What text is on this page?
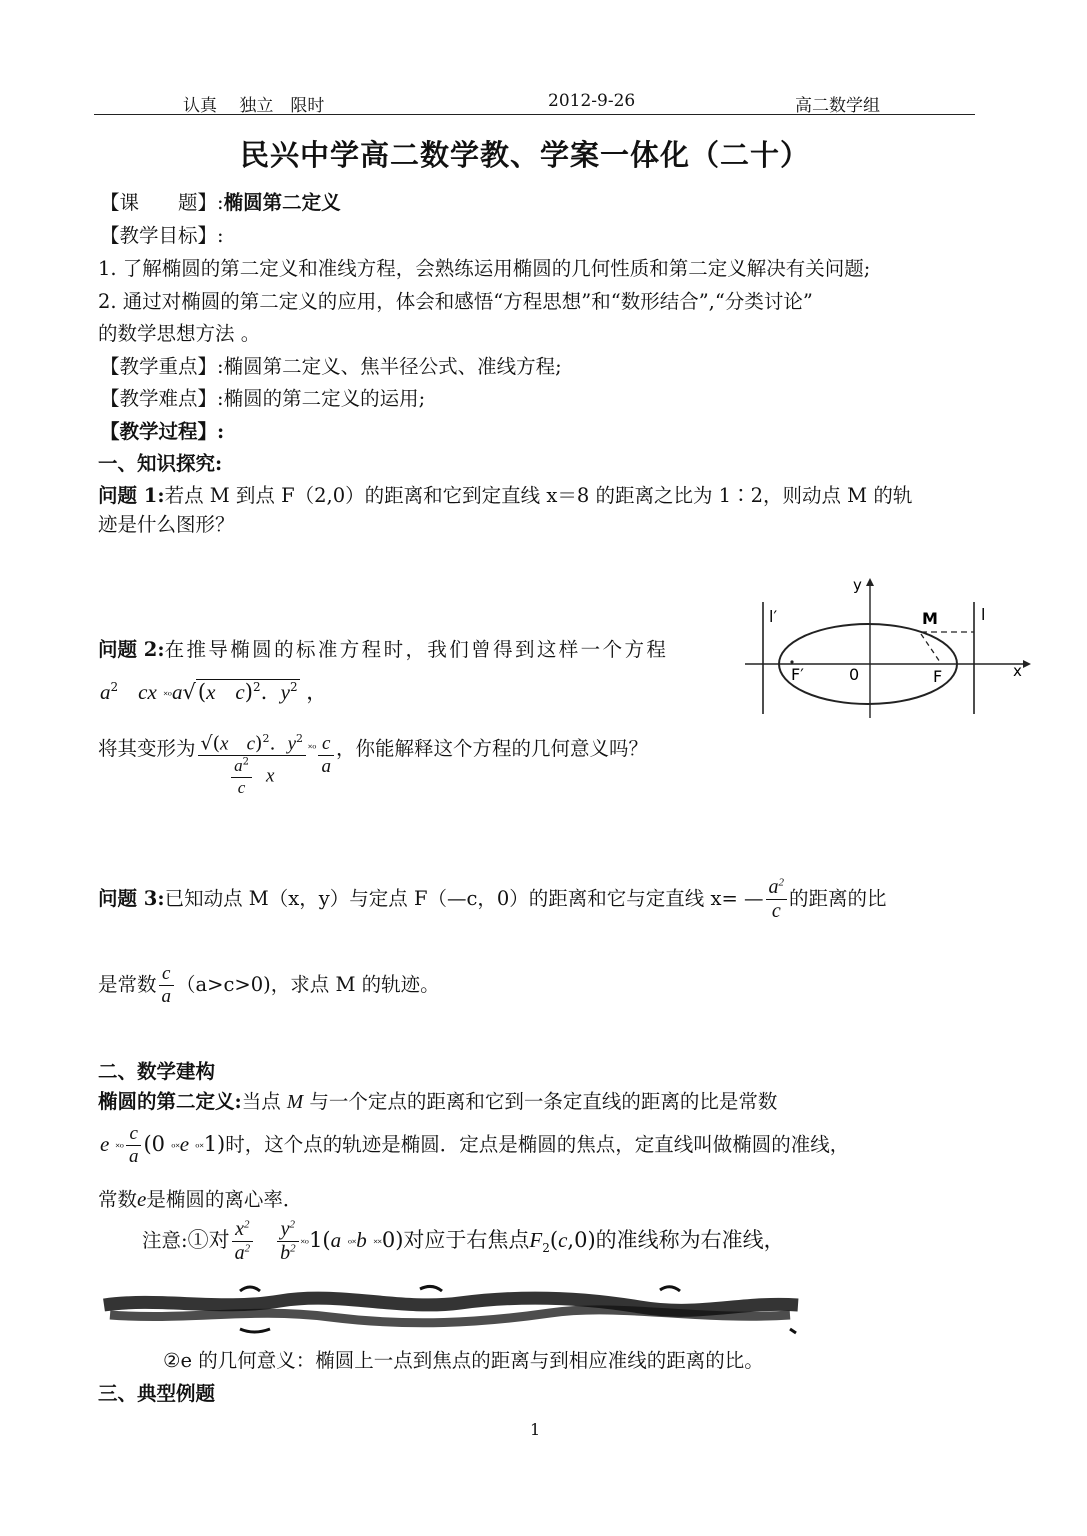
认真　 独立　限时	2012-9-26	高二数学组
民兴中学高二数学教、学案一体化（二十）
【课　　题】:椭圆第二定义
【教学目标】:
1. 了解椭圆的第二定义和准线方程，会熟练运用椭圆的几何性质和第二定义解决有关问题;
2. 通过对椭圆的第二定义的应用，体会和感悟“方程思想”和“数形结合”,“分类讨论”
的数学思想方法 。
【教学重点】:椭圆第二定义、焦半径公式、准线方程;
【教学难点】:椭圆的第二定义的运用;
【教学过程】:
一、知识探究:
问题 1:若点 M 到点 F（2,0）的距离和它到定直线 x＝8 的距离之比为 1∶2，则动点 M 的轨
迹是什么图形？
y
x
0
l′	l
F′	F
M
问题 2:在推导椭圆的标准方程时，我们曾得到这样一个方程
$a^2$ cx ˟ᵒa√(x c)$^2$.  $y^2$ ，
将其变形为 $\frac{√(x c)^2. y^2}{\frac{a^2}{c} x} ^{˟ᵒ} \frac{c}{a}$ ，你能解释这个方程的几何意义吗？
问题 3:已知动点 M（x，y）与定点 F（—c，0）的距离和它与定直线 x= — $\frac{a^2}{c}$ 的距离的比
是常数 $\frac{c}{a} (a>c>0)$，求点 M 的轨迹。
二、数学建构
椭圆的第二定义:当点 M 与一个定点的距离和它到一条定直线的距离的比是常数
e ˟ᵒ $\frac{c}{a} (0$ ᵒ˟e ᵒ˟1)时，这个点的轨迹是椭圆．定点是椭圆的焦点，定直线叫做椭圆的准线，
常数e是椭圆的离心率．
注意:①对 $\frac{x^2}{a^2}$
$\frac{y^2}{b^2}$ ˟ᵒ1(a ᵒ˟b ˟˟0)对应于右焦点$F_2(c,0)$的准线称为右准线，
②e 的几何意义：椭圆上一点到焦点的距离与到相应准线的距离的比。
三、典型例题
1
